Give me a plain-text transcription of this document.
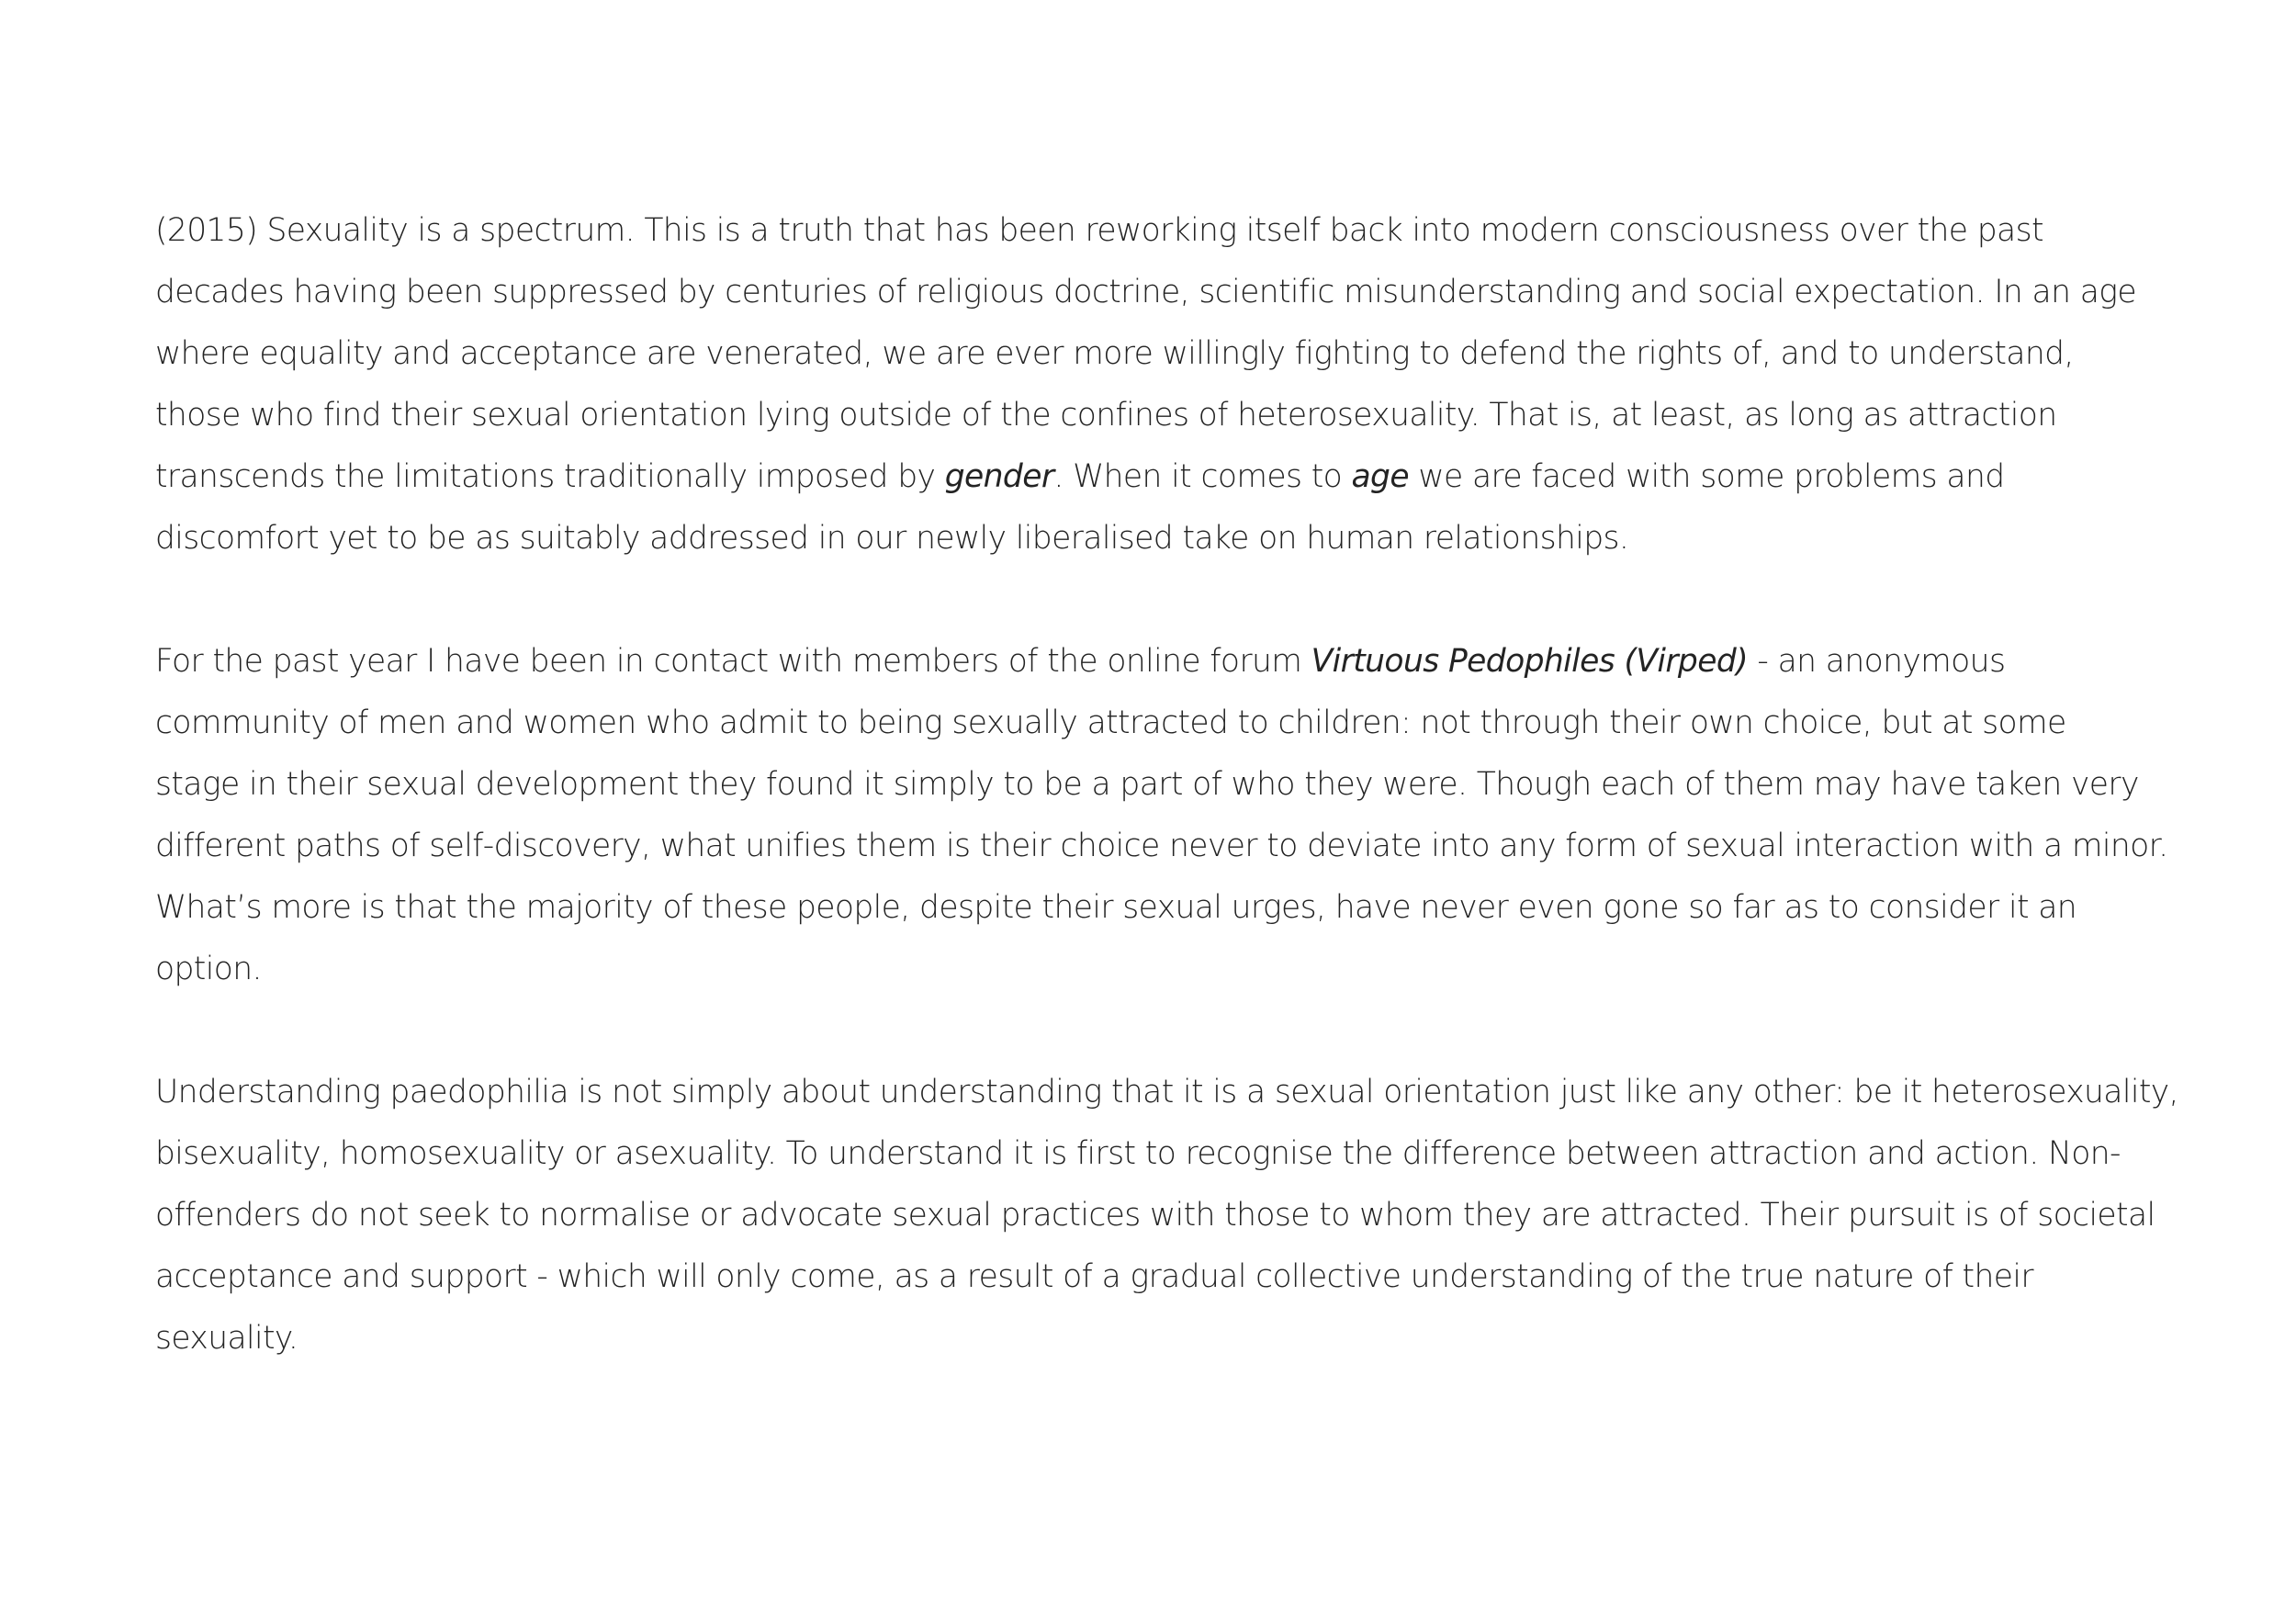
(2015) Sexuality is a spectrum. This is a truth that has been reworking itself back into modern consciousness over the past
decades having been suppressed by centuries of religious doctrine, scientific misunderstanding and social expectation. In an age
where equality and acceptance are venerated, we are ever more willingly fighting to defend the rights of, and to understand,
those who find their sexual orientation lying outside of the confines of heterosexuality. That is, at least, as long as attraction
transcends the limitations traditionally imposed by gender. When it comes to age we are faced with some problems and
discomfort yet to be as suitably addressed in our newly liberalised take on human relationships.

For the past year I have been in contact with members of the online forum Virtuous Pedophiles (Virped) - an anonymous
community of men and women who admit to being sexually attracted to children: not through their own choice, but at some
stage in their sexual development they found it simply to be a part of who they were. Though each of them may have taken very
different paths of self-discovery, what unifies them is their choice never to deviate into any form of sexual interaction with a minor.
What’s more is that the majority of these people, despite their sexual urges, have never even gone so far as to consider it an
option.

Understanding paedophilia is not simply about understanding that it is a sexual orientation just like any other: be it heterosexuality,
bisexuality, homosexuality or asexuality. To understand it is first to recognise the difference between attraction and action. Non-
offenders do not seek to normalise or advocate sexual practices with those to whom they are attracted. Their pursuit is of societal
acceptance and support - which will only come, as a result of a gradual collective understanding of the true nature of their
sexuality.
